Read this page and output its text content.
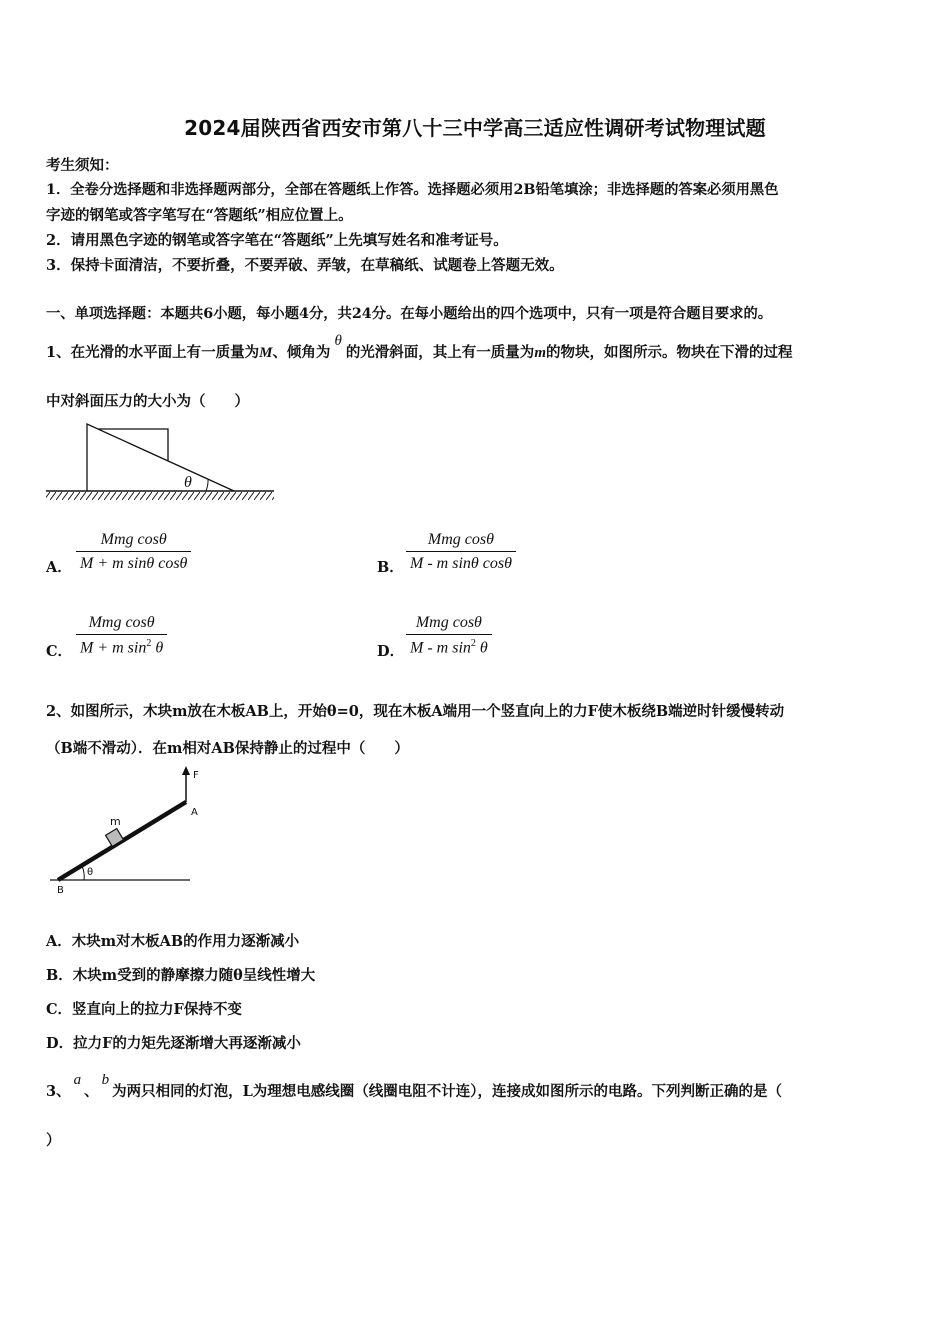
2024届陕西省西安市第八十三中学高三适应性调研考试物理试题
考生须知：
1．全卷分选择题和非选择题两部分，全部在答题纸上作答。选择题必须用2B铅笔填涂；非选择题的答案必须用黑色
字迹的钢笔或答字笔写在“答题纸”相应位置上。
2．请用黑色字迹的钢笔或答字笔在“答题纸”上先填写姓名和准考证号。
3．保持卡面清洁，不要折叠，不要弄破、弄皱，在草稿纸、试题卷上答题无效。
一、单项选择题：本题共6小题，每小题4分，共24分。在每小题给出的四个选项中，只有一项是符合题目要求的。
1、在光滑的水平面上有一质量为M、倾角为θ的光滑斜面，其上有一质量为m的物块，如图所示。物块在下滑的过程
中对斜面压力的大小为（　　）
θ
A．
Mmg cosθ
M + m sinθ cosθ	B．
Mmg cosθ
M - m sinθ cosθ
C．
Mmg cosθ
M + m $\sin^2 \theta$	D．
Mmg cosθ
M - m $\sin^2 \theta$
2、如图所示，木块m放在木板AB上，开始θ=0，现在木板A端用一个竖直向上的力F使木板绕B端逆时针缓慢转动
（B端不滑动）．在m相对AB保持静止的过程中（　　）
F
A
B
m
θ
A．木块m对木板AB的作用力逐渐减小
B．木块m受到的静摩擦力随θ呈线性增大
C．竖直向上的拉力F保持不变
D．拉力F的力矩先逐渐增大再逐渐减小
3、a、b为两只相同的灯泡，L为理想电感线圈（线圈电阻不计连），连接成如图所示的电路。下列判断正确的是（
）
